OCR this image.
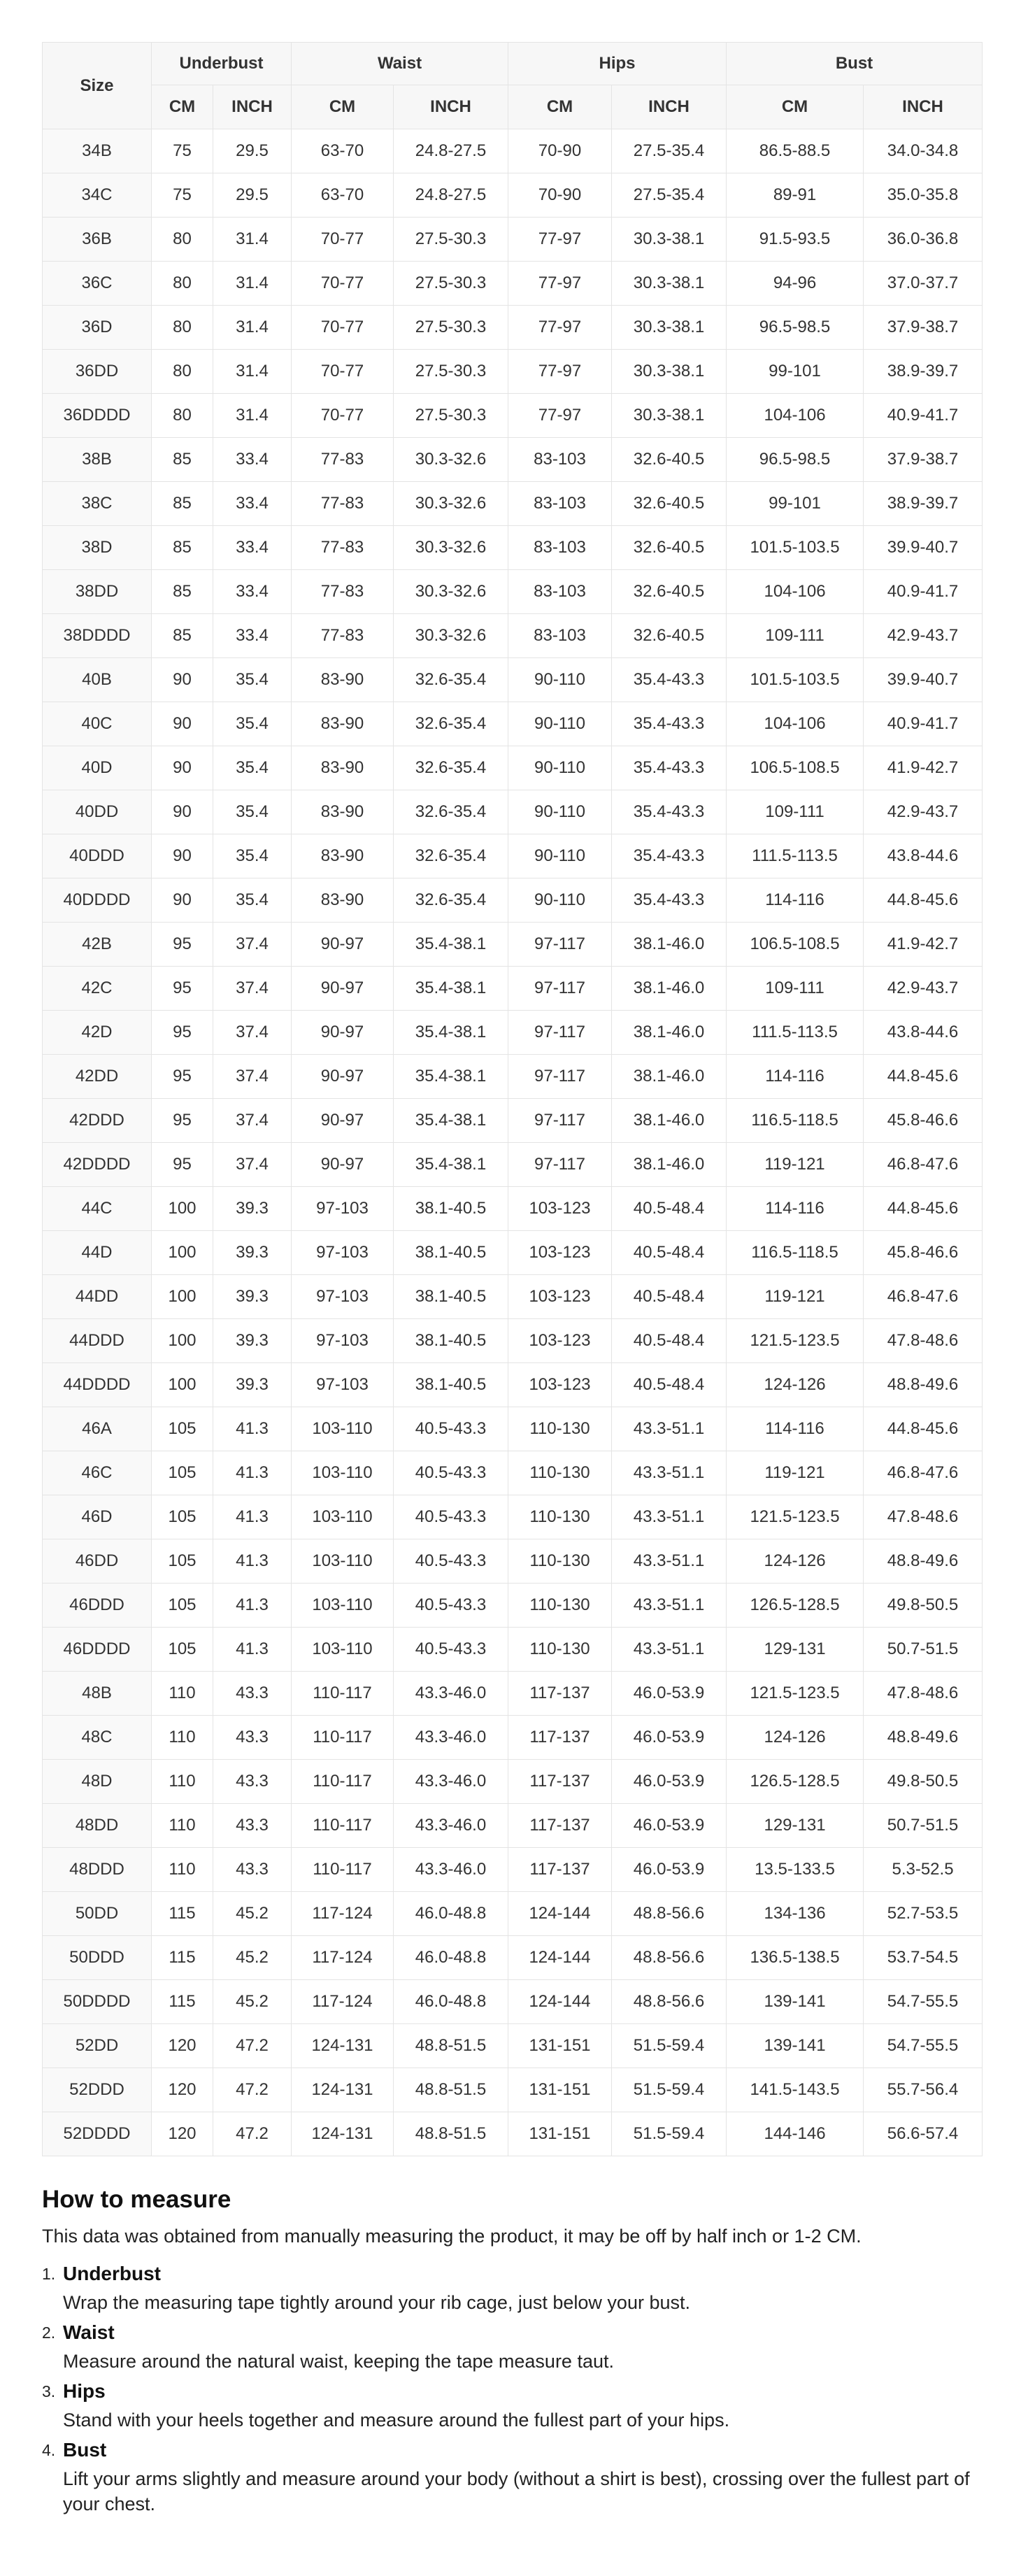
Size	Underbust		Waist		Hips		Bust	
	CM	INCH	CM	INCH	CM	INCH	CM	INCH
34B	75	29.5	63-70	24.8-27.5	70-90	27.5-35.4	86.5-88.5	34.0-34.8
34C	75	29.5	63-70	24.8-27.5	70-90	27.5-35.4	89-91	35.0-35.8
36B	80	31.4	70-77	27.5-30.3	77-97	30.3-38.1	91.5-93.5	36.0-36.8
36C	80	31.4	70-77	27.5-30.3	77-97	30.3-38.1	94-96	37.0-37.7
36D	80	31.4	70-77	27.5-30.3	77-97	30.3-38.1	96.5-98.5	37.9-38.7
36DD	80	31.4	70-77	27.5-30.3	77-97	30.3-38.1	99-101	38.9-39.7
36DDDD	80	31.4	70-77	27.5-30.3	77-97	30.3-38.1	104-106	40.9-41.7
38B	85	33.4	77-83	30.3-32.6	83-103	32.6-40.5	96.5-98.5	37.9-38.7
38C	85	33.4	77-83	30.3-32.6	83-103	32.6-40.5	99-101	38.9-39.7
38D	85	33.4	77-83	30.3-32.6	83-103	32.6-40.5	101.5-103.5	39.9-40.7
38DD	85	33.4	77-83	30.3-32.6	83-103	32.6-40.5	104-106	40.9-41.7
38DDDD	85	33.4	77-83	30.3-32.6	83-103	32.6-40.5	109-111	42.9-43.7
40B	90	35.4	83-90	32.6-35.4	90-110	35.4-43.3	101.5-103.5	39.9-40.7
40C	90	35.4	83-90	32.6-35.4	90-110	35.4-43.3	104-106	40.9-41.7
40D	90	35.4	83-90	32.6-35.4	90-110	35.4-43.3	106.5-108.5	41.9-42.7
40DD	90	35.4	83-90	32.6-35.4	90-110	35.4-43.3	109-111	42.9-43.7
40DDD	90	35.4	83-90	32.6-35.4	90-110	35.4-43.3	111.5-113.5	43.8-44.6
40DDDD	90	35.4	83-90	32.6-35.4	90-110	35.4-43.3	114-116	44.8-45.6
42B	95	37.4	90-97	35.4-38.1	97-117	38.1-46.0	106.5-108.5	41.9-42.7
42C	95	37.4	90-97	35.4-38.1	97-117	38.1-46.0	109-111	42.9-43.7
42D	95	37.4	90-97	35.4-38.1	97-117	38.1-46.0	111.5-113.5	43.8-44.6
42DD	95	37.4	90-97	35.4-38.1	97-117	38.1-46.0	114-116	44.8-45.6
42DDD	95	37.4	90-97	35.4-38.1	97-117	38.1-46.0	116.5-118.5	45.8-46.6
42DDDD	95	37.4	90-97	35.4-38.1	97-117	38.1-46.0	119-121	46.8-47.6
44C	100	39.3	97-103	38.1-40.5	103-123	40.5-48.4	114-116	44.8-45.6
44D	100	39.3	97-103	38.1-40.5	103-123	40.5-48.4	116.5-118.5	45.8-46.6
44DD	100	39.3	97-103	38.1-40.5	103-123	40.5-48.4	119-121	46.8-47.6
44DDD	100	39.3	97-103	38.1-40.5	103-123	40.5-48.4	121.5-123.5	47.8-48.6
44DDDD	100	39.3	97-103	38.1-40.5	103-123	40.5-48.4	124-126	48.8-49.6
46A	105	41.3	103-110	40.5-43.3	110-130	43.3-51.1	114-116	44.8-45.6
46C	105	41.3	103-110	40.5-43.3	110-130	43.3-51.1	119-121	46.8-47.6
46D	105	41.3	103-110	40.5-43.3	110-130	43.3-51.1	121.5-123.5	47.8-48.6
46DD	105	41.3	103-110	40.5-43.3	110-130	43.3-51.1	124-126	48.8-49.6
46DDD	105	41.3	103-110	40.5-43.3	110-130	43.3-51.1	126.5-128.5	49.8-50.5
46DDDD	105	41.3	103-110	40.5-43.3	110-130	43.3-51.1	129-131	50.7-51.5
48B	110	43.3	110-117	43.3-46.0	117-137	46.0-53.9	121.5-123.5	47.8-48.6
48C	110	43.3	110-117	43.3-46.0	117-137	46.0-53.9	124-126	48.8-49.6
48D	110	43.3	110-117	43.3-46.0	117-137	46.0-53.9	126.5-128.5	49.8-50.5
48DD	110	43.3	110-117	43.3-46.0	117-137	46.0-53.9	129-131	50.7-51.5
48DDD	110	43.3	110-117	43.3-46.0	117-137	46.0-53.9	13.5-133.5	5.3-52.5
50DD	115	45.2	117-124	46.0-48.8	124-144	48.8-56.6	134-136	52.7-53.5
50DDD	115	45.2	117-124	46.0-48.8	124-144	48.8-56.6	136.5-138.5	53.7-54.5
50DDDD	115	45.2	117-124	46.0-48.8	124-144	48.8-56.6	139-141	54.7-55.5
52DD	120	47.2	124-131	48.8-51.5	131-151	51.5-59.4	139-141	54.7-55.5
52DDD	120	47.2	124-131	48.8-51.5	131-151	51.5-59.4	141.5-143.5	55.7-56.4
52DDDD	120	47.2	124-131	48.8-51.5	131-151	51.5-59.4	144-146	56.6-57.4
How to measure

This data was obtained from manually measuring the product, it may be off by half inch or 1-2 CM.

1. Underbust
Wrap the measuring tape tightly around your rib cage, just below your bust.
2. Waist
Measure around the natural waist, keeping the tape measure taut.
3. Hips
Stand with your heels together and measure around the fullest part of your hips.
4. Bust
Lift your arms slightly and measure around your body (without a shirt is best), crossing over the fullest part of your chest.
